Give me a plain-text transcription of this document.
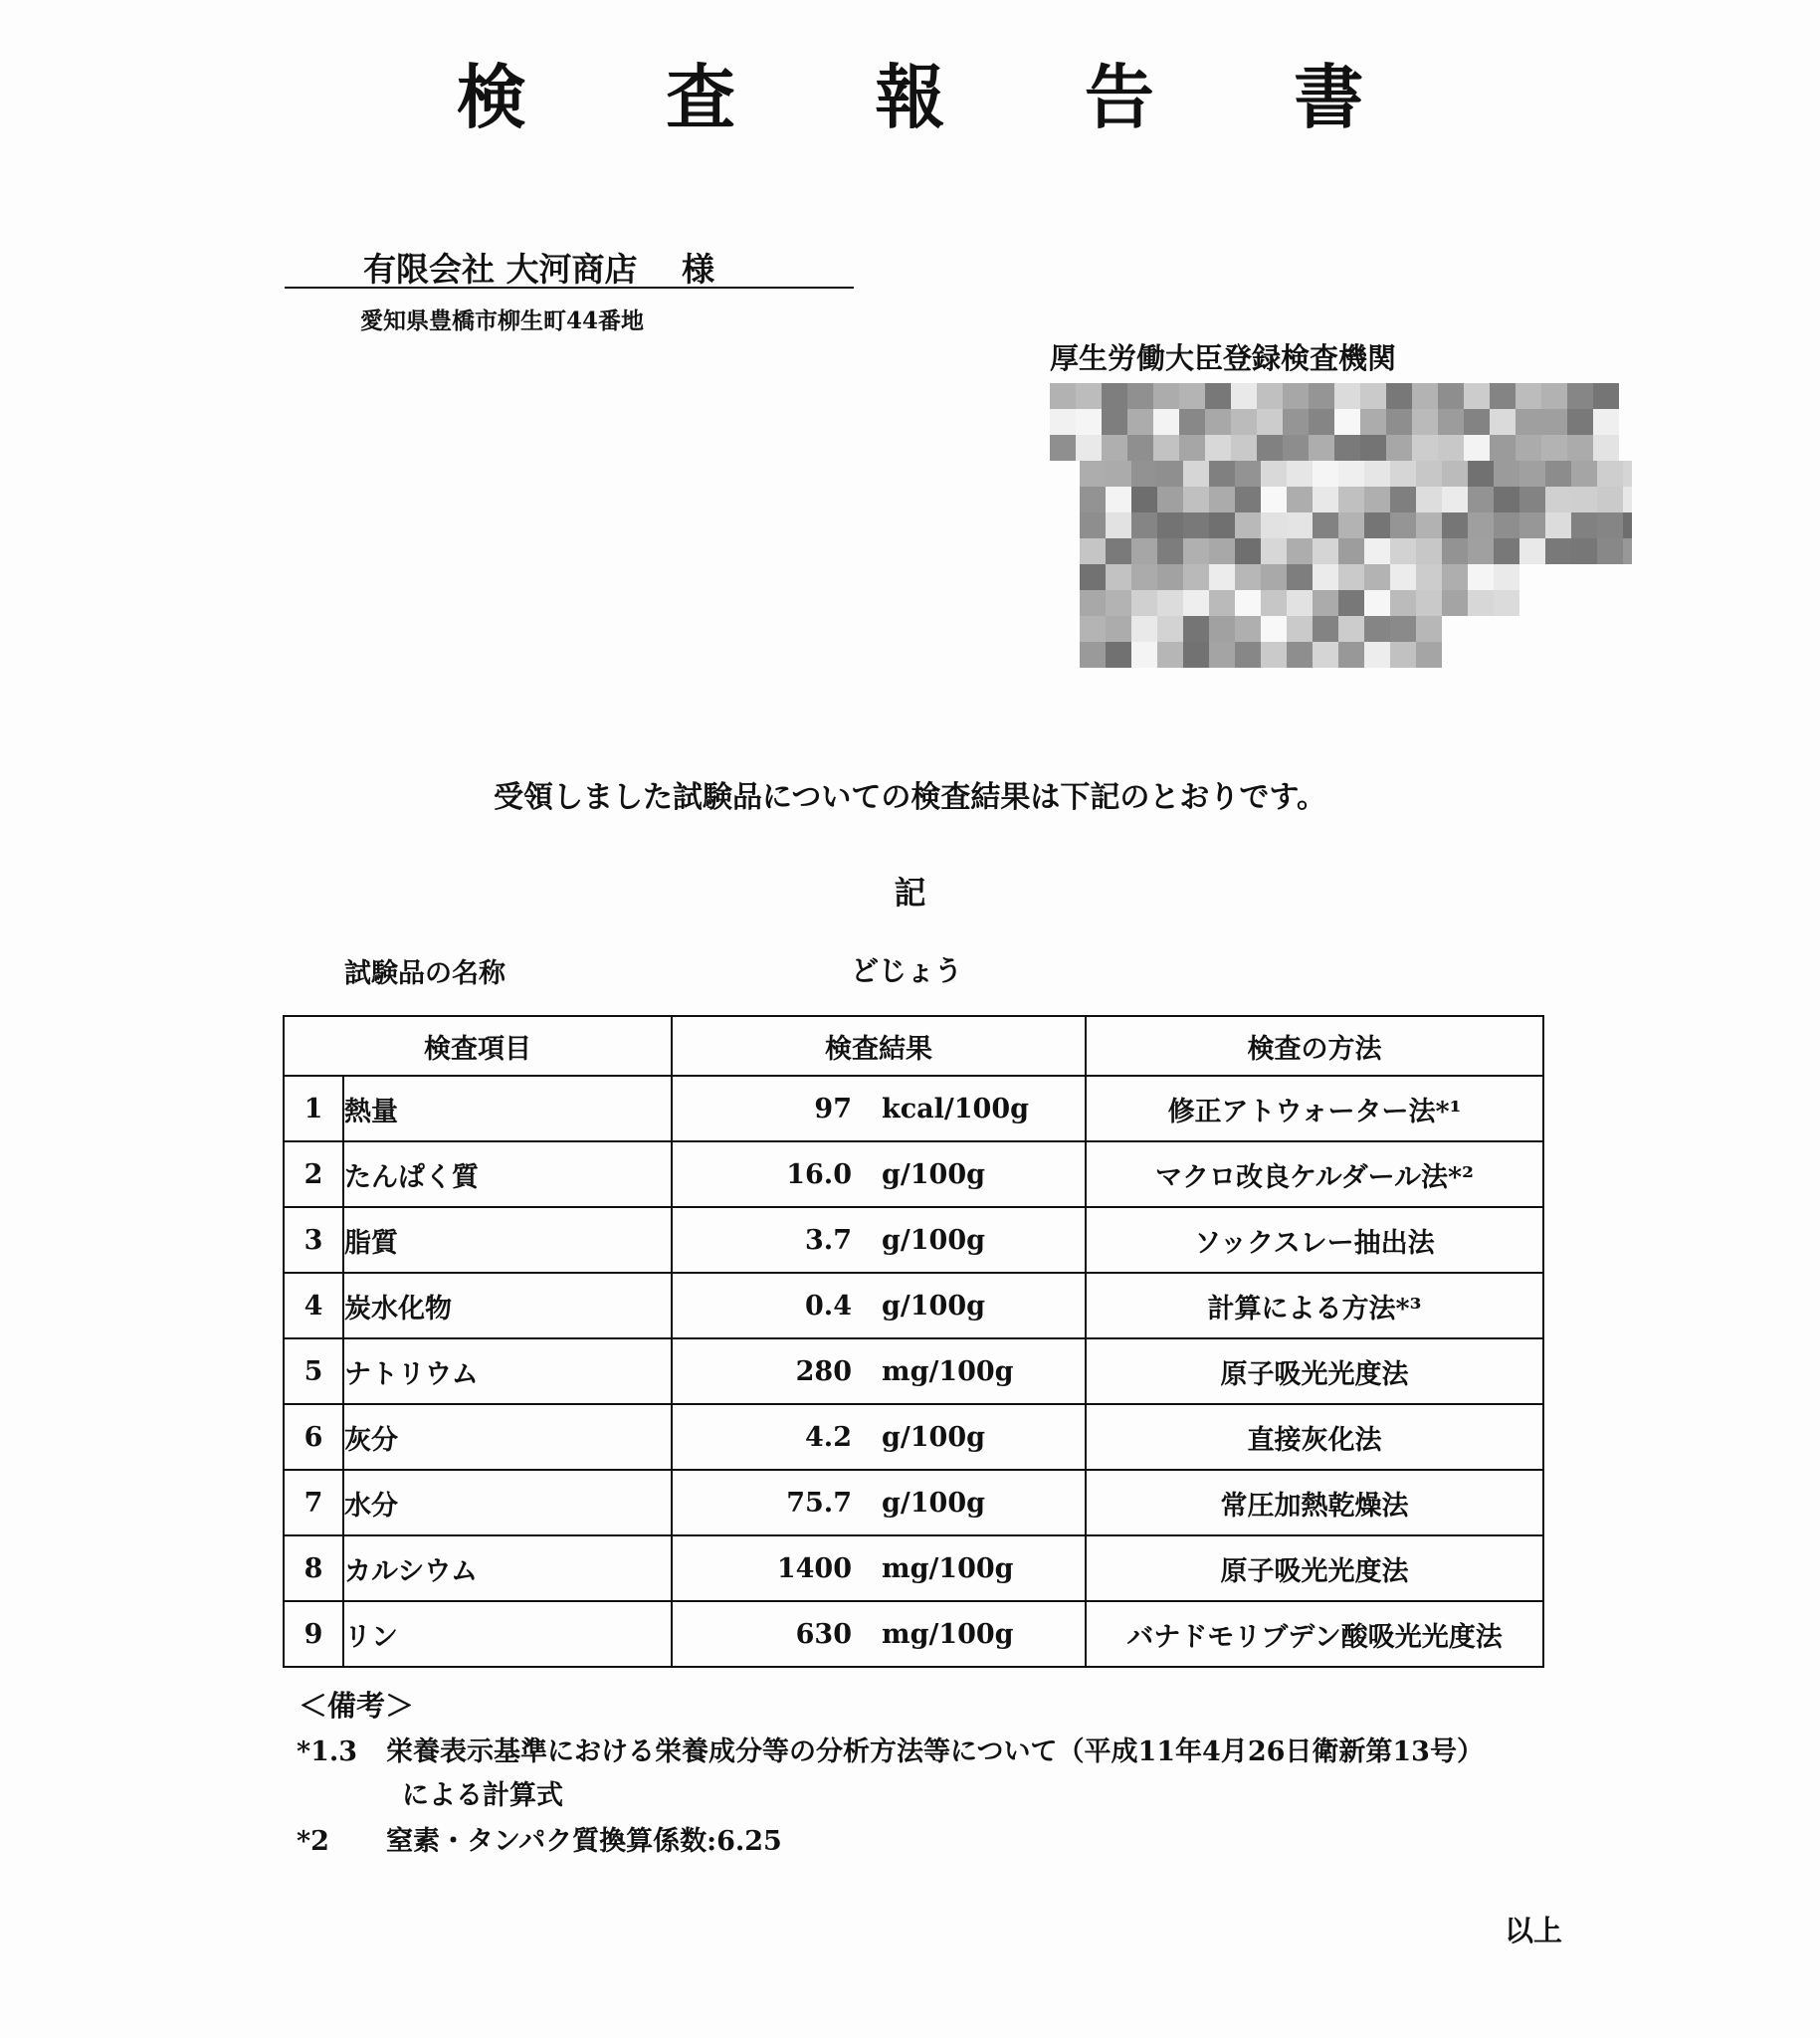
検 査 報 告 書
有限会社 大河商店　 様
愛知県豊橋市柳生町44番地
厚生労働大臣登録検査機関
受領しました試験品についての検査結果は下記のとおりです。
記
試験品の名称	どじょう
検査項目		検査結果	検査の方法
1	熱量	97 kcal/100g	修正アトウォーター法*¹
2	たんぱく質	16.0 g/100g	マクロ改良ケルダール法*²
3	脂質	3.7 g/100g	ソックスレー抽出法
4	炭水化物	0.4 g/100g	計算による方法*³
5	ナトリウム	280 mg/100g	原子吸光光度法
6	灰分	4.2 g/100g	直接灰化法
7	水分	75.7 g/100g	常圧加熱乾燥法
8	カルシウム	1400 mg/100g	原子吸光光度法
9	リン	630 mg/100g	バナドモリブデン酸吸光光度法
＜備考＞
*1.3 栄養表示基準における栄養成分等の分析方法等について（平成11年4月26日衛新第13号）
による計算式
*2 窒素・タンパク質換算係数:6.25
以上
